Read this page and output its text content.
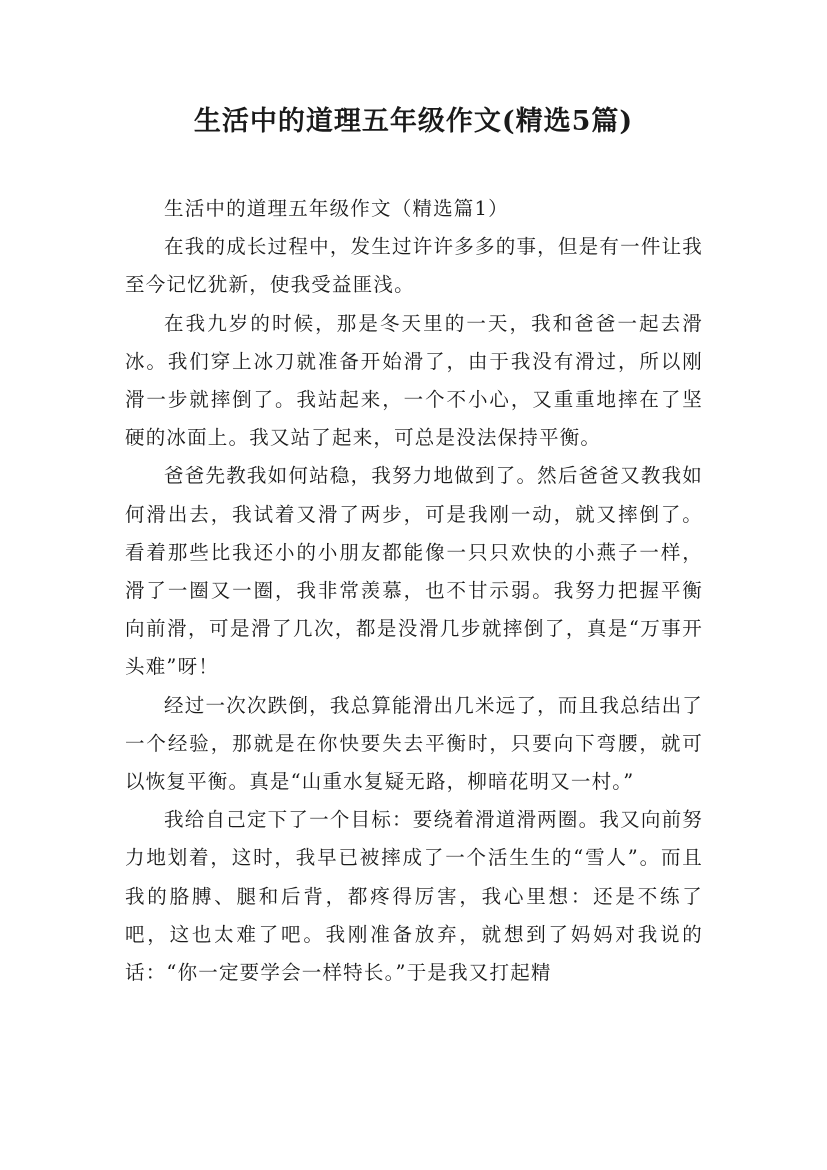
生活中的道理五年级作文(精选5篇)

生活中的道理五年级作文（精选篇1）

在我的成长过程中，发生过许许多多的事，但是有一件让我至今记忆犹新，使我受益匪浅。

在我九岁的时候，那是冬天里的一天，我和爸爸一起去滑冰。我们穿上冰刀就准备开始滑了，由于我没有滑过，所以刚滑一步就摔倒了。我站起来，一个不小心，又重重地摔在了坚硬的冰面上。我又站了起来，可总是没法保持平衡。

爸爸先教我如何站稳，我努力地做到了。然后爸爸又教我如何滑出去，我试着又滑了两步，可是我刚一动，就又摔倒了。看着那些比我还小的小朋友都能像一只只欢快的小燕子一样，滑了一圈又一圈，我非常羡慕，也不甘示弱。我努力把握平衡向前滑，可是滑了几次，都是没滑几步就摔倒了，真是“万事开头难”呀！

经过一次次跌倒，我总算能滑出几米远了，而且我总结出了一个经验，那就是在你快要失去平衡时，只要向下弯腰，就可以恢复平衡。真是“山重水复疑无路，柳暗花明又一村。”

我给自己定下了一个目标：要绕着滑道滑两圈。我又向前努力地划着，这时，我早已被摔成了一个活生生的“雪人”。而且我的胳膊、腿和后背，都疼得厉害，我心里想：还是不练了吧，这也太难了吧。我刚准备放弃，就想到了妈妈对我说的话：“你一定要学会一样特长。”于是我又打起精
